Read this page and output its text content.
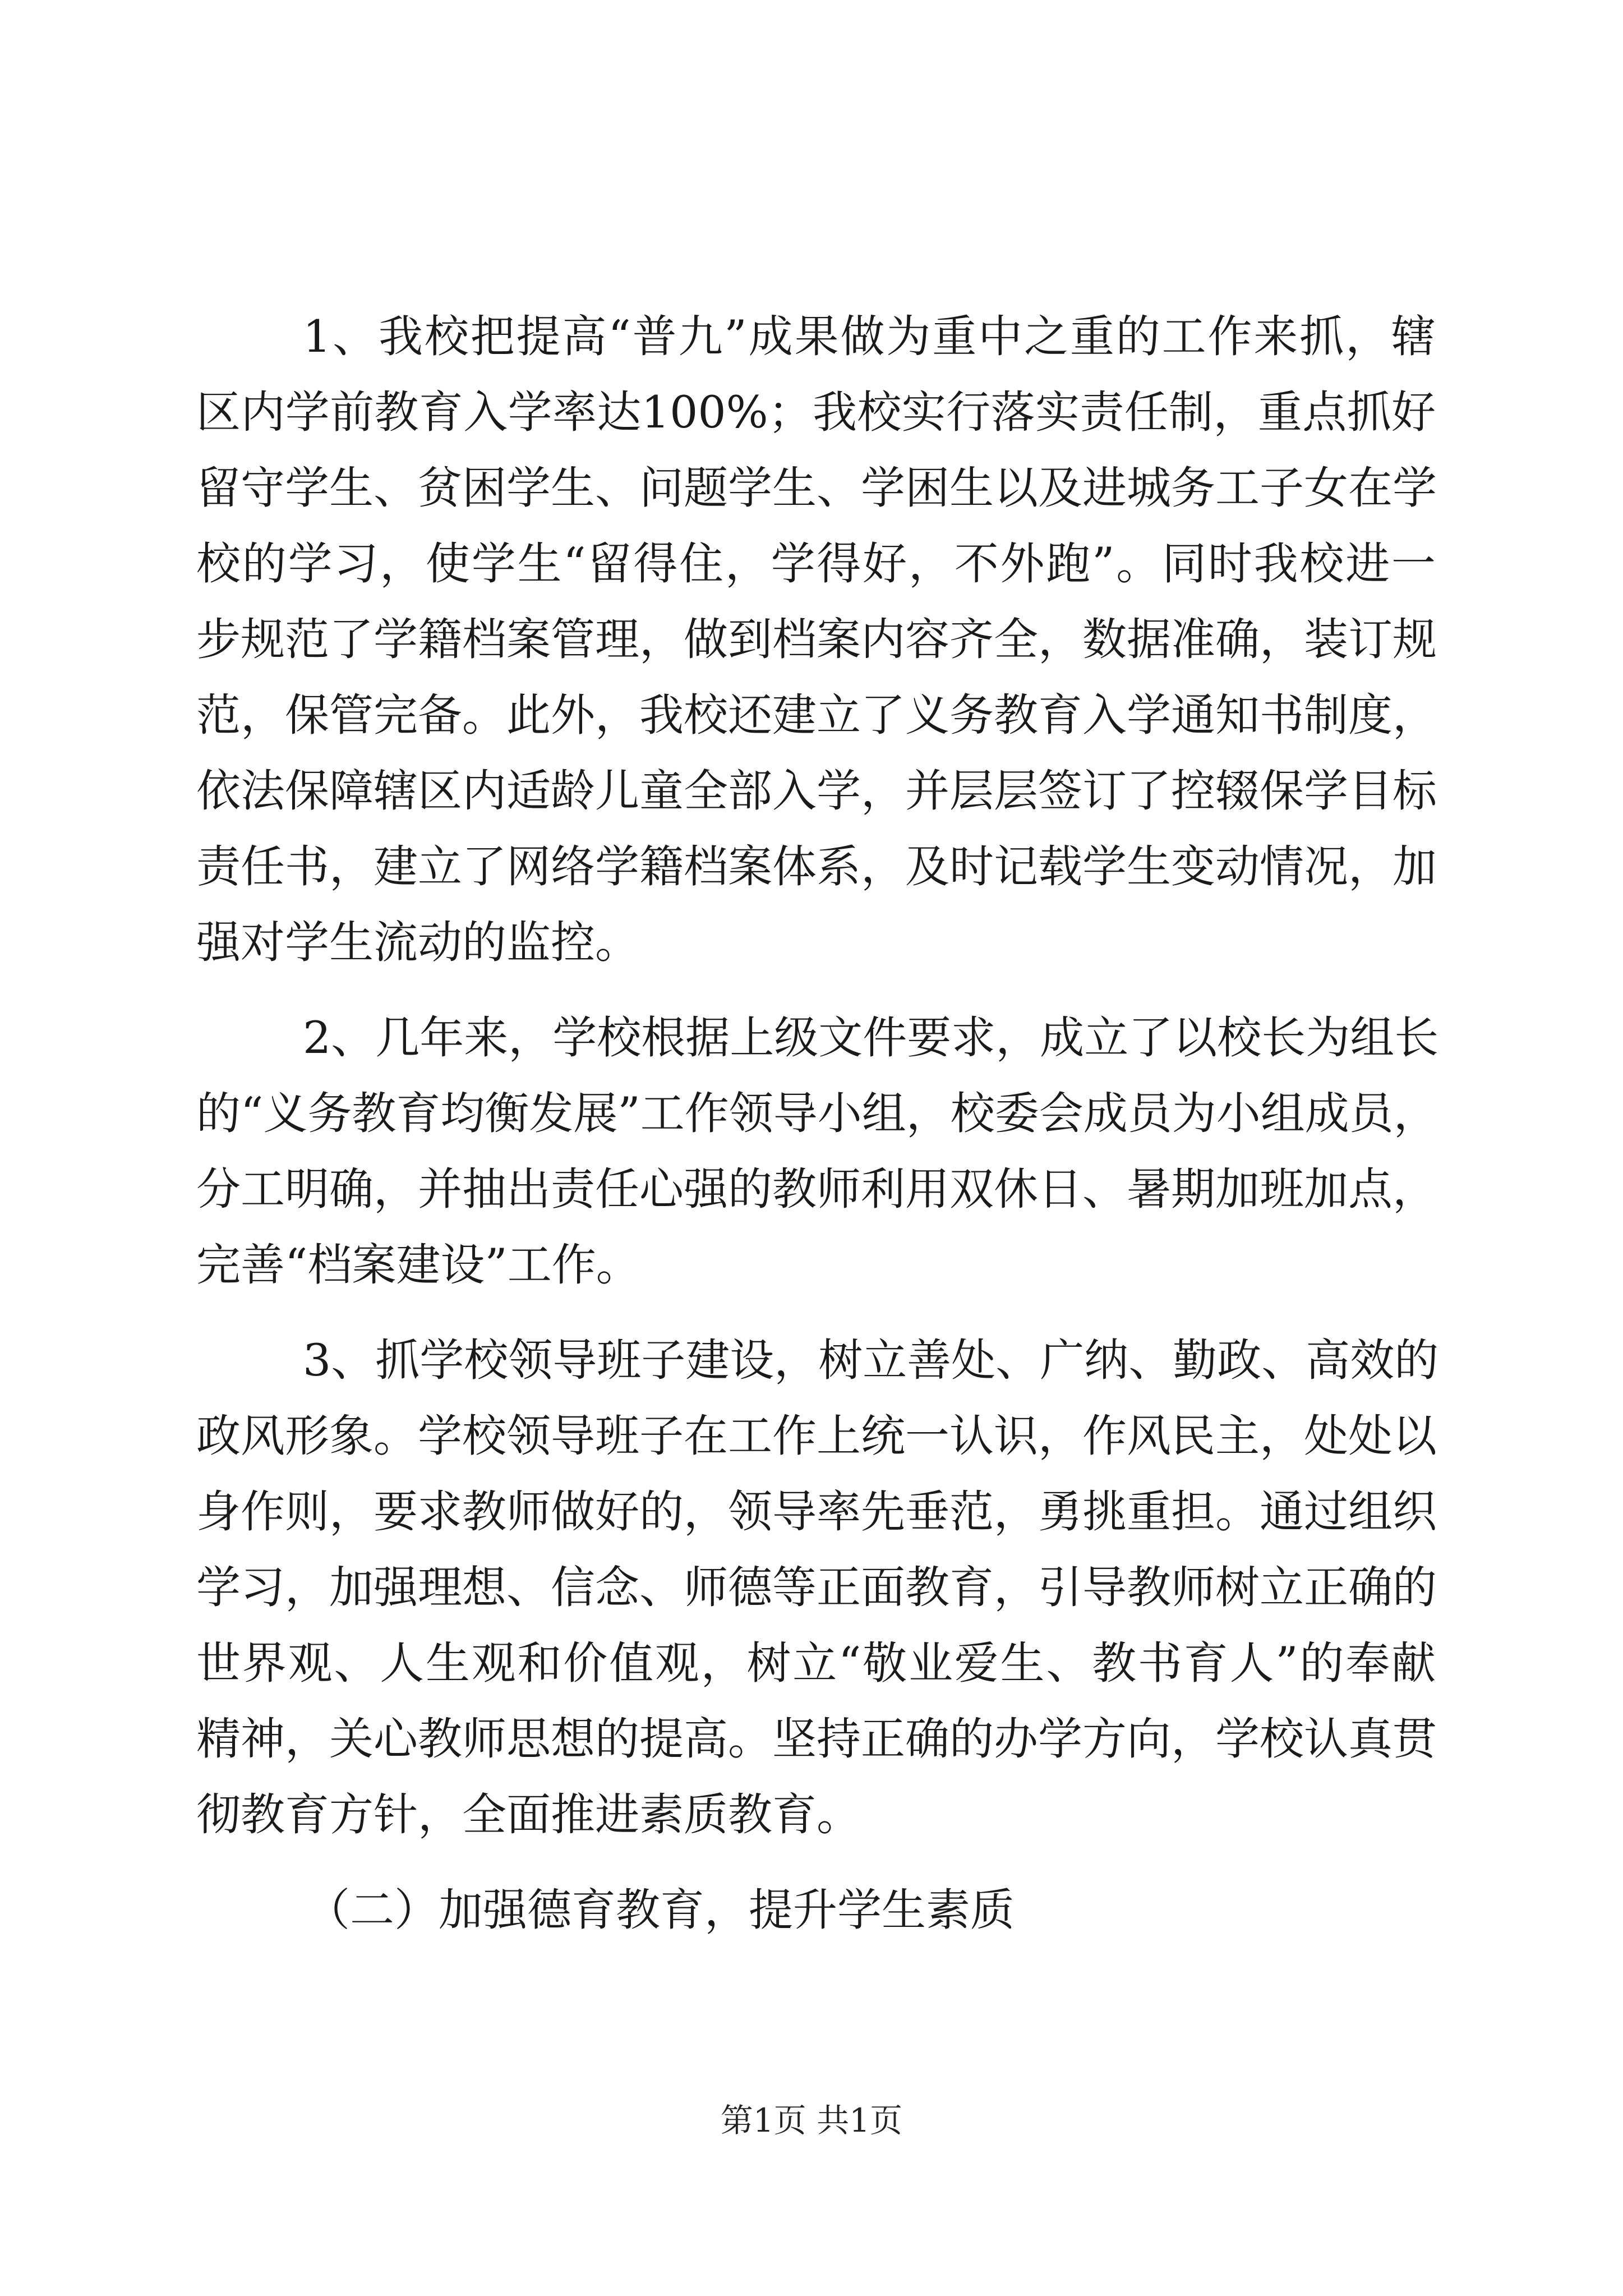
1、我校把提高“普九”成果做为重中之重的工作来抓，辖
区内学前教育入学率达100%；我校实行落实责任制，重点抓好
留守学生、贫困学生、问题学生、学困生以及进城务工子女在学
校的学习，使学生“留得住，学得好，不外跑”。同时我校进一
步规范了学籍档案管理，做到档案内容齐全，数据准确，装订规
范，保管完备。此外，我校还建立了义务教育入学通知书制度，
依法保障辖区内适龄儿童全部入学，并层层签订了控辍保学目标
责任书，建立了网络学籍档案体系，及时记载学生变动情况，加
强对学生流动的监控。
2、几年来，学校根据上级文件要求，成立了以校长为组长
的“义务教育均衡发展”工作领导小组，校委会成员为小组成员，
分工明确，并抽出责任心强的教师利用双休日、暑期加班加点，
完善“档案建设”工作。
3、抓学校领导班子建设，树立善处、广纳、勤政、高效的
政风形象。学校领导班子在工作上统一认识，作风民主，处处以
身作则，要求教师做好的，领导率先垂范，勇挑重担。通过组织
学习，加强理想、信念、师德等正面教育，引导教师树立正确的
世界观、人生观和价值观，树立“敬业爱生、教书育人”的奉献
精神，关心教师思想的提高。坚持正确的办学方向，学校认真贯
彻教育方针，全面推进素质教育。
（二）加强德育教育，提升学生素质
第1页 共1页
